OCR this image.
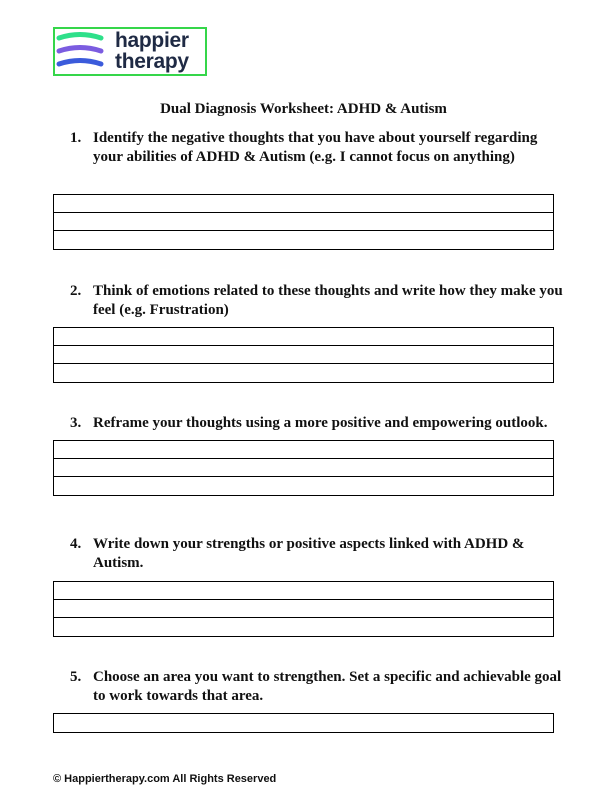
happier
therapy
Dual Diagnosis Worksheet: ADHD & Autism
1. Identify the negative thoughts that you have about yourself regarding your abilities of ADHD & Autism (e.g. I cannot focus on anything)
2. Think of emotions related to these thoughts and write how they make you feel (e.g. Frustration)
3. Reframe your thoughts using a more positive and empowering outlook.
4. Write down your strengths or positive aspects linked with ADHD & Autism.
5. Choose an area you want to strengthen. Set a specific and achievable goal to work towards that area.
© Happiertherapy.com All Rights Reserved
